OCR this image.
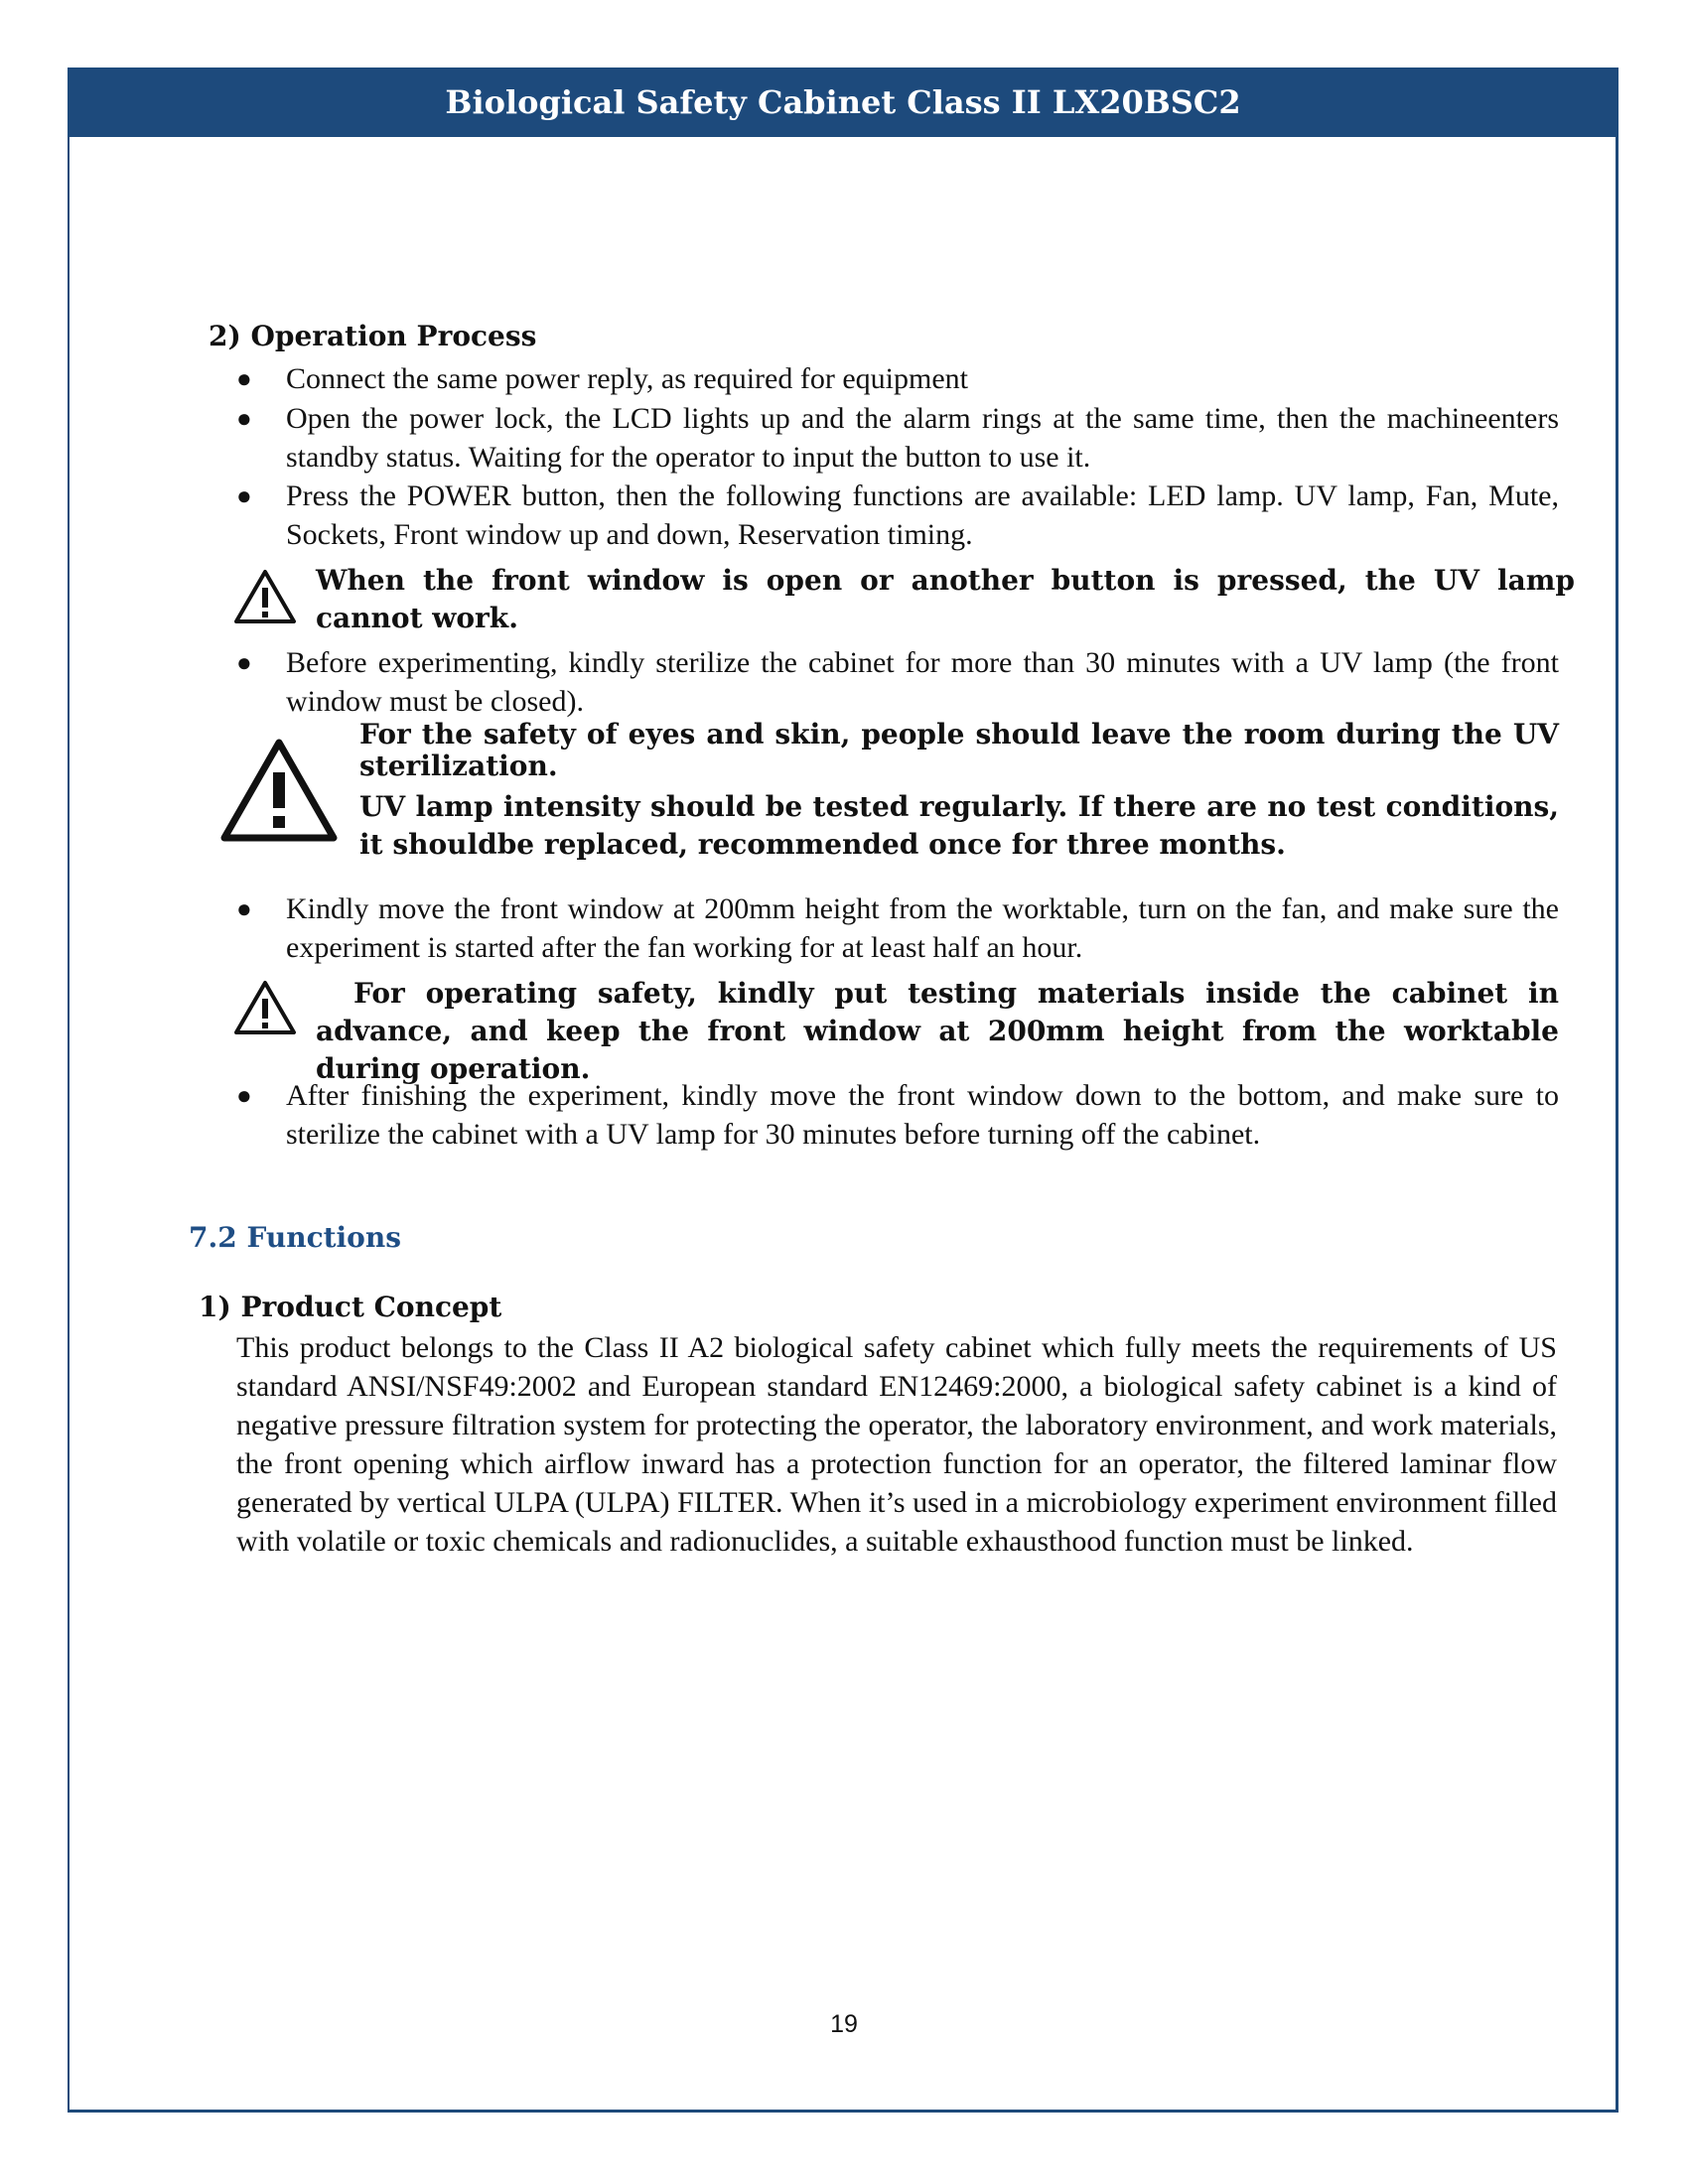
Biological Safety Cabinet Class II LX20BSC2
2) Operation Process
● Connect the same power reply, as required for equipment
● Open the power lock, the LCD lights up and the alarm rings at the same time, then the machineenters standby status. Waiting for the operator to input the button to use it.
● Press the POWER button, then the following functions are available: LED lamp. UV lamp, Fan, Mute, Sockets, Front window up and down, Reservation timing.
When the front window is open or another button is pressed, the UV lamp cannot work.
● Before experimenting, kindly sterilize the cabinet for more than 30 minutes with a UV lamp (the front window must be closed).
For the safety of eyes and skin, people should leave the room during the UV sterilization.
UV lamp intensity should be tested regularly. If there are no test conditions, it shouldbe replaced, recommended once for three months.
● Kindly move the front window at 200mm height from the worktable, turn on the fan, and make sure the experiment is started after the fan working for at least half an hour.
For operating safety, kindly put testing materials inside the cabinet in advance, and keep the front window at 200mm height from the worktable during operation.
● After finishing the experiment, kindly move the front window down to the bottom, and make sure to sterilize the cabinet with a UV lamp for 30 minutes before turning off the cabinet.
7.2 Functions
1) Product Concept
This product belongs to the Class II A2 biological safety cabinet which fully meets the requirements of US standard ANSI/NSF49:2002 and European standard EN12469:2000, a biological safety cabinet is a kind of negative pressure filtration system for protecting the operator, the laboratory environment, and work materials, the front opening which airflow inward has a protection function for an operator, the filtered laminar flow generated by vertical ULPA (ULPA) FILTER. When it’s used in a microbiology experiment environment filled with volatile or toxic chemicals and radionuclides, a suitable exhausthood function must be linked.
19
